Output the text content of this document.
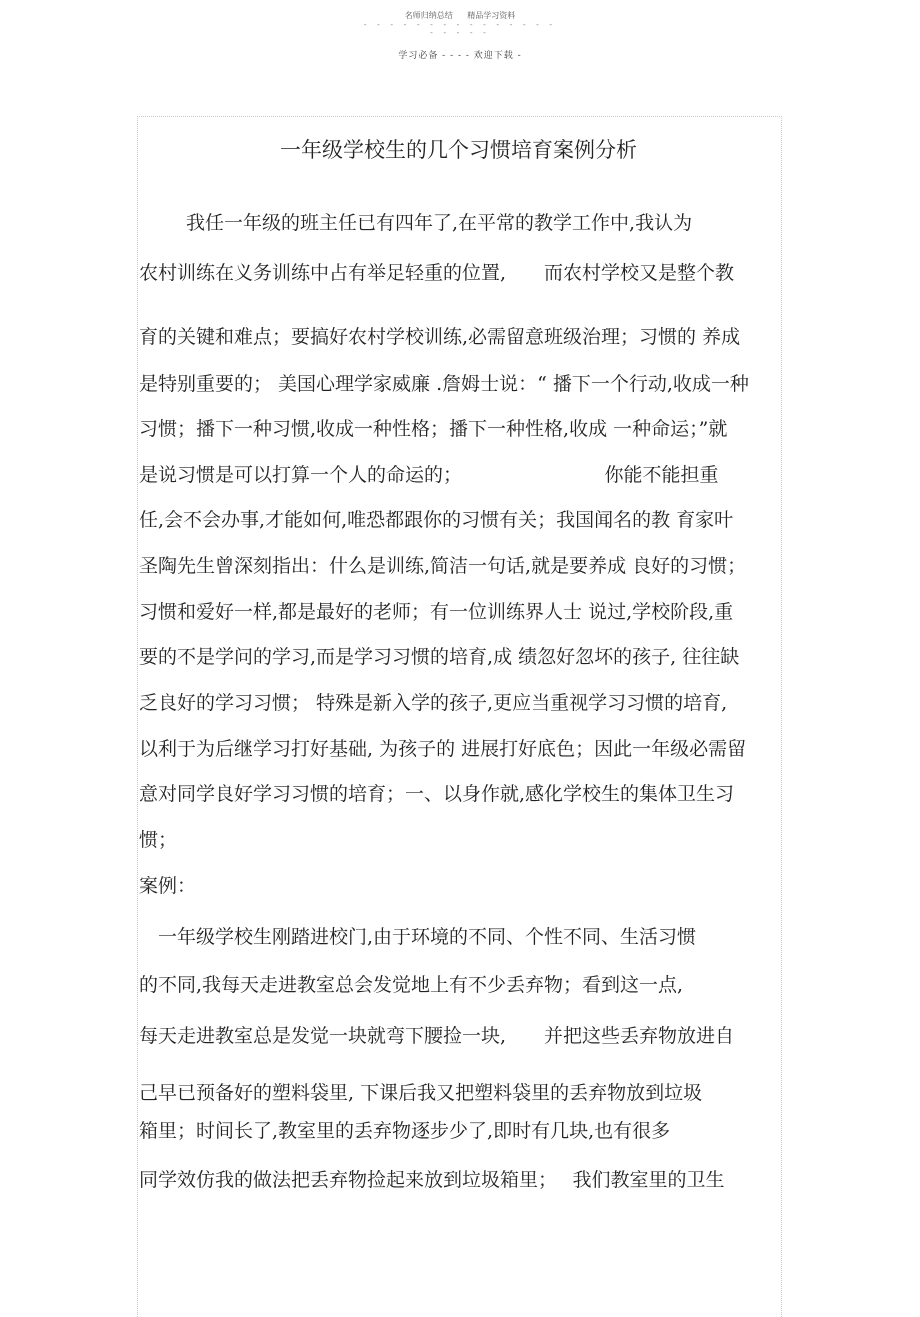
名师归纳总结 精品学习资料
- - - - - - - - - - - - - - -
- - - - -
学习必备 - - - - 欢迎下载 -
一年级学校生的几个习惯培育案例分析
我任一年级的班主任已有四年了,在平常的教学工作中,我认为
农村训练在义务训练中占有举足轻重的位置,　　而农村学校又是整个教
育的关键和难点；要搞好农村学校训练,必需留意班级治理；习惯的 养成
是特别重要的； 美国心理学家威廉 .詹姆士说：“ 播下一个行动,收成一种
习惯；播下一种习惯,收成一种性格；播下一种性格,收成 一种命运；”就
是说习惯是可以打算一个人的命运的；　　　　　　　　你能不能担重
任,会不会办事,才能如何,唯恐都跟你的习惯有关；我国闻名的教 育家叶
圣陶先生曾深刻指出：什么是训练,简洁一句话,就是要养成 良好的习惯；
习惯和爱好一样,都是最好的老师；有一位训练界人士 说过,学校阶段,重
要的不是学问的学习,而是学习习惯的培育,成 绩忽好忽坏的孩子, 往往缺
乏良好的学习习惯； 特殊是新入学的孩子,更应当重视学习习惯的培育,
以利于为后继学习打好基础, 为孩子的 进展打好底色；因此一年级必需留
意对同学良好学习习惯的培育；一、以身作就,感化学校生的集体卫生习
惯；
案例：
一年级学校生刚踏进校门,由于环境的不同、个性不同、生活习惯
的不同,我每天走进教室总会发觉地上有不少丢弃物；看到这一点,
每天走进教室总是发觉一块就弯下腰捡一块,　　并把这些丢弃物放进自
己早已预备好的塑料袋里, 下课后我又把塑料袋里的丢弃物放到垃圾
箱里；时间长了,教室里的丢弃物逐步少了,即时有几块,也有很多
同学效仿我的做法把丢弃物捡起来放到垃圾箱里；　 我们教室里的卫生
